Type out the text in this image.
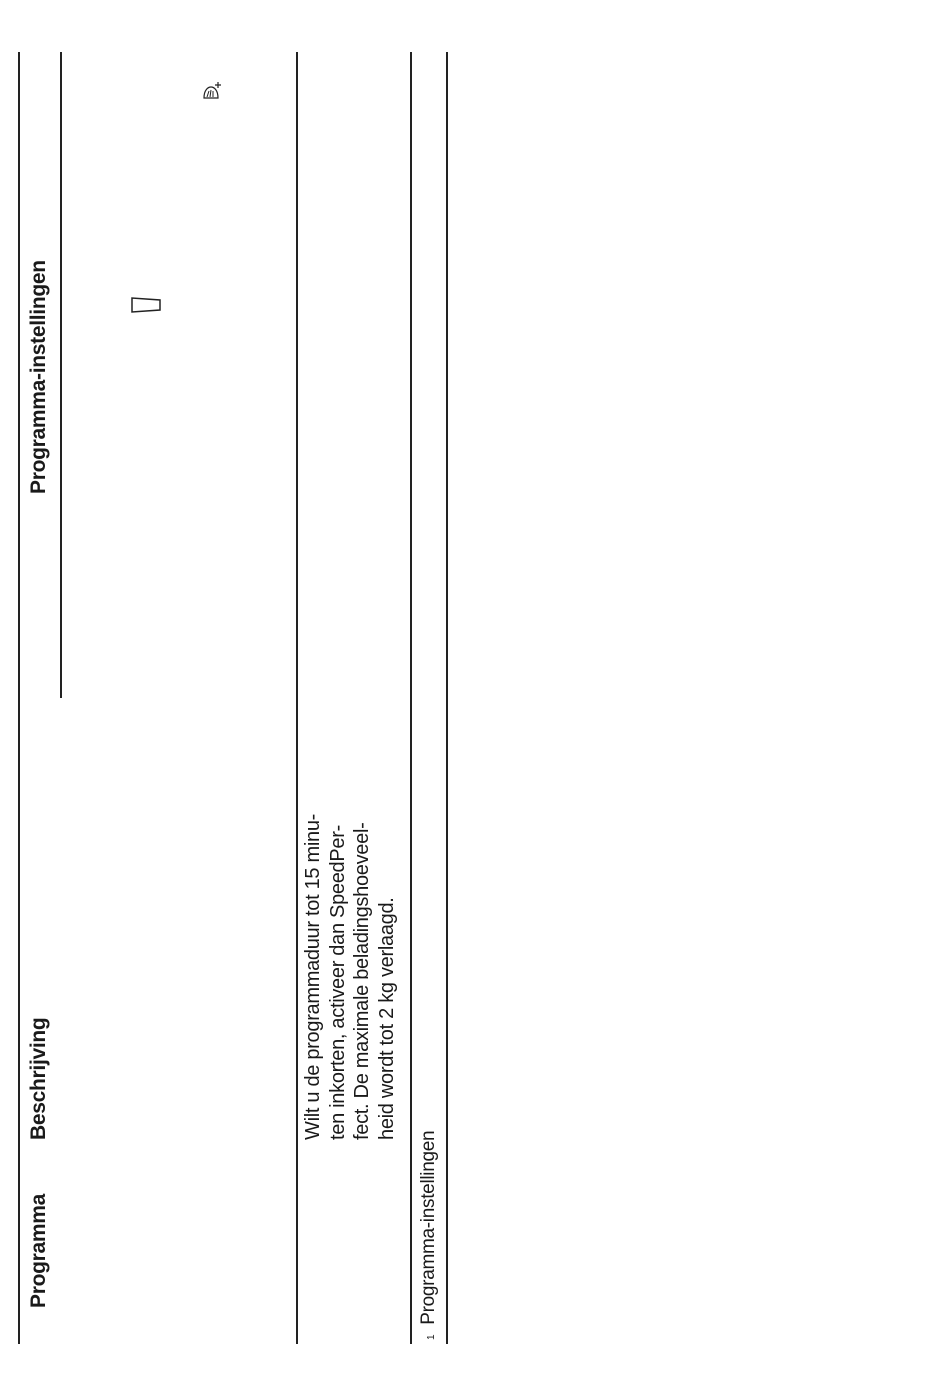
Programma
Beschrijving
Programma-instellingen
Wilt u de programmaduur tot 15 minu- ten inkorten, activeer dan SpeedPer- fect. De maximale beladingshoeveel- heid wordt tot 2 kg verlaagd.
1  Programma-instellingen
